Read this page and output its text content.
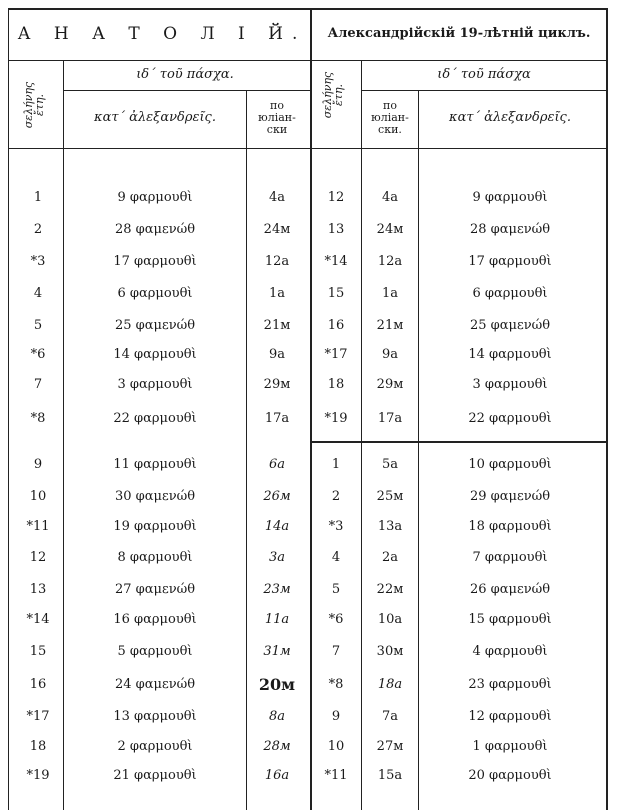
А Н А Т О Л І Й.
σελήνης
ἔτη.
ιδ΄ τοῦ πάσχα.
κατ΄ ἀλεξανδρεῖς.
по
юліан-
ски
Александрійскій 19-лѣтній циклъ.
σελήνης
ἔτη.
ιδ΄ τοῦ πάσχα
по
юліан-
ски.
κατ΄ ἀλεξανδρεῖς.
1	9 φαρμουθὶ	4а
2	28 φαμενώθ	24м
*3	17 φαρμουθὶ	12а
4	6 φαρμουθὶ	1а
5	25 φαμενώθ	21м
*6	14 φαρμουθὶ	9а
7	3 φαρμουθὶ	29м
*8	22 φαρμουθὶ	17а
9	11 φαρμουθὶ	6а
10	30 φαμενώθ	26м
*11	19 φαρμουθὶ	14а
12	8 φαρμουθὶ	3а
13	27 φαμενώθ	23м
*14	16 φαρμουθὶ	11а
15	5 φαρμουθὶ	31м
16	24 φαμενώθ	20м
*17	13 φαρμουθὶ	8а
18	2 φαρμουθὶ	28м
*19	21 φαρμουθὶ	16а
12	4а	9 φαρμουθὶ
13 24м	28 φαμενώθ
*14 12а	17 φαρμουθὶ
15	1а	6 φαρμουθὶ
16 21м	25 φαμενώθ
*17	9а	14 φαρμουθὶ
18 29м	3 φαρμουθὶ
*19 17а	22 φαρμουθὶ
1	5а	10 φαρμουθὶ
2	25м	29 φαμενώθ
*3	13а	18 φαρμουθὶ
4	2а	7 φαρμουθὶ
5	22м	26 φαμενώθ
*6	10а	15 φαρμουθὶ
7	30м	4 φαρμουθὶ
*8	18а	23 φαρμουθὶ
9	7а	12 φαρμουθὶ
10 27м	1 φαρμουθὶ
*11 15а	20 φαρμουθὶ
